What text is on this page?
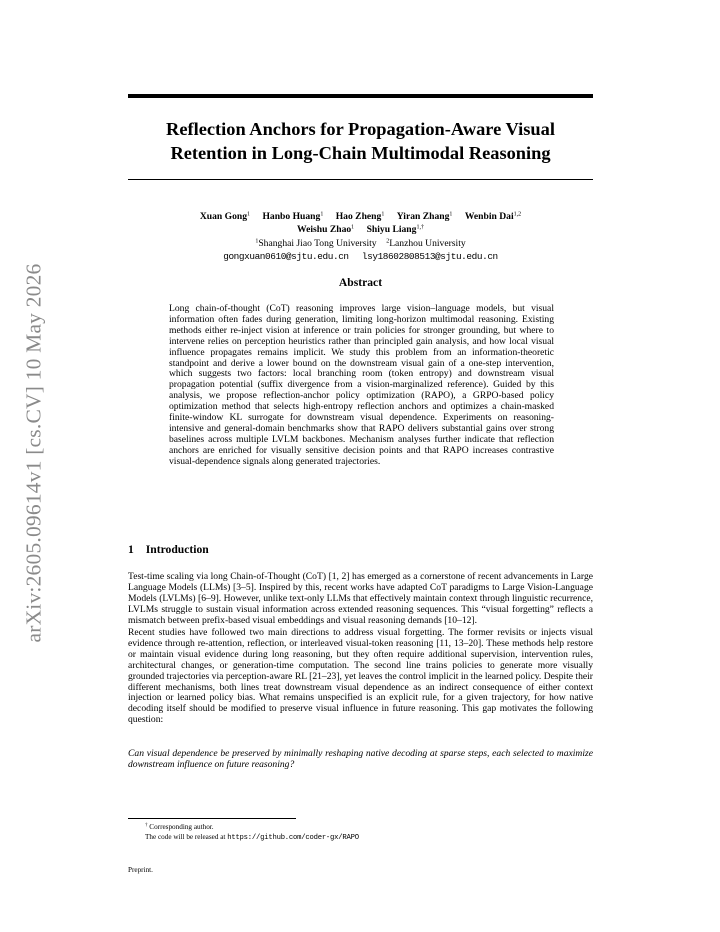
arXiv:2605.09614v1 [cs.CV] 10 May 2026
Reflection Anchors for Propagation-Aware Visual Retention in Long-Chain Multimodal Reasoning
Xuan Gong$^1$ Hanbo Huang$^1$ Hao Zheng$^1$ Yiran Zhang$^1$ Wenbin Dai$^{1,2}$
Weishu Zhao$^1$ Shiyu Liang$^{1,\dagger}$
$^1$Shanghai Jiao Tong University $^2$Lanzhou University
gongxuan0610@sjtu.edu.cn lsy18602808513@sjtu.edu.cn
Abstract
Long chain-of-thought (CoT) reasoning improves large vision–language models, but visual information often fades during generation, limiting long-horizon multimodal reasoning. Existing methods either re-inject vision at inference or train policies for stronger grounding, but where to intervene relies on perception heuristics rather than principled gain analysis, and how local visual influence propagates remains implicit. We study this problem from an information-theoretic standpoint and derive a lower bound on the downstream visual gain of a one-step intervention, which suggests two factors: local branching room (token entropy) and downstream visual propagation potential (suffix divergence from a vision-marginalized reference). Guided by this analysis, we propose reflection-anchor policy optimization (RAPO), a GRPO-based policy optimization method that selects high-entropy reflection anchors and optimizes a chain-masked finite-window KL surrogate for downstream visual dependence. Experiments on reasoning-intensive and general-domain benchmarks show that RAPO delivers substantial gains over strong baselines across multiple LVLM backbones. Mechanism analyses further indicate that reflection anchors are enriched for visually sensitive decision points and that RAPO increases contrastive visual-dependence signals along generated trajectories.
1 Introduction
Test-time scaling via long Chain-of-Thought (CoT) [1, 2] has emerged as a cornerstone of recent advancements in Large Language Models (LLMs) [3–5]. Inspired by this, recent works have adapted CoT paradigms to Large Vision-Language Models (LVLMs) [6–9]. However, unlike text-only LLMs that effectively maintain context through linguistic recurrence, LVLMs struggle to sustain visual information across extended reasoning sequences. This “visual forgetting” reflects a mismatch between prefix-based visual embeddings and visual reasoning demands [10–12].
Recent studies have followed two main directions to address visual forgetting. The former revisits or injects visual evidence through re-attention, reflection, or interleaved visual-token reasoning [11, 13–20]. These methods help restore or maintain visual evidence during long reasoning, but they often require additional supervision, intervention rules, architectural changes, or generation-time computation. The second line trains policies to generate more visually grounded trajectories via perception-aware RL [21–23], yet leaves the control implicit in the learned policy. Despite their different mechanisms, both lines treat downstream visual dependence as an indirect consequence of either context injection or learned policy bias. What remains unspecified is an explicit rule, for a given trajectory, for how native decoding itself should be modified to preserve visual influence in future reasoning. This gap motivates the following question:
Can visual dependence be preserved by minimally reshaping native decoding at sparse steps, each selected to maximize downstream influence on future reasoning?
† Corresponding author.
The code will be released at https://github.com/coder-gx/RAPO
Preprint.
